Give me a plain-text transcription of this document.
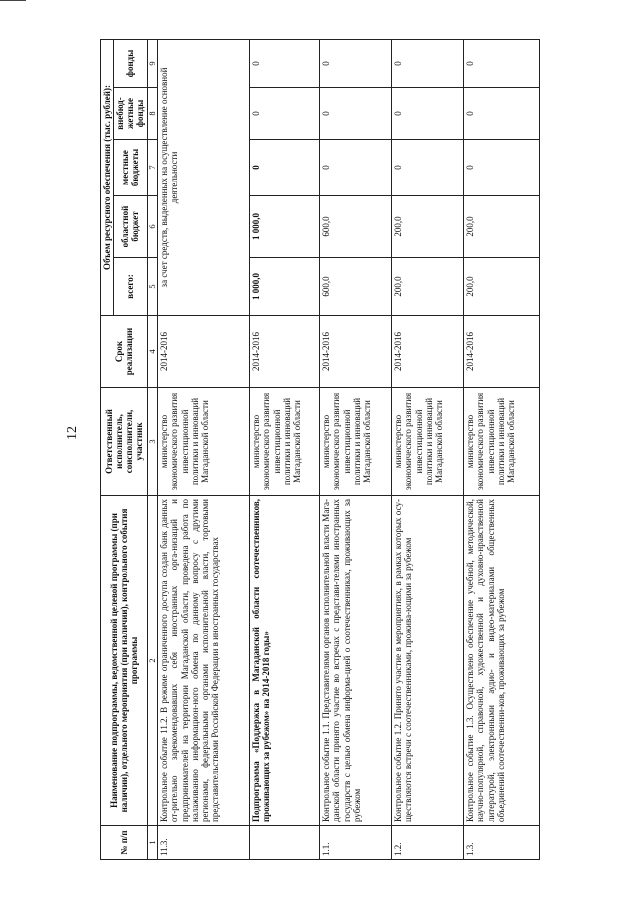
12
№ п/п	Наименование подпрограммы, ведомственной целевой программы (при наличии), отдельного мероприятия (при наличии), контрольного события программы	Ответственный исполнитель, соисполнители, участник	Срок реализации	Объем ресурсного обеспечения (тыс. рублей):				
				всего:	областной бюджет	местные бюджеты	внебюд-жетные фонды	фонды
1	2	3	4	5	6	7	8	9
11.3.	Контрольное событие 11.2. В режиме ограниченного доступа создан банк данных от-рительно зарекомендовавших себя иностранных орга-низаций и предпринимателей на территории Магаданской области, проведена работа по налаживанию информацион-ного обмена по данному вопросу с другими регионами, федеральными органами исполнительной власти, торговыми представительствами Российской Федерации в иностранных государствах	министерство экономического развития инвестиционной политики и инноваций Магаданской области	2014-2016	за счет средств, выделенных на осуществление основной деятельности				
	Подпрограмма «Поддержка в Магаданской области соотечественников, проживающих за рубежом» на 2014-2018 годы»	министерство экономического развития инвестиционной политики и инноваций Магаданской области	2014-2016	1 000,0	1 000,0	0	0	0
1.1.	Контрольное событие 1.1. Представителями органов исполнительной власти Мага-данской области принято участие во встречах с представи-телями иностранных государств с целью обмена информа-цией о соотечественниках, проживающих за рубежом	министерство экономического развития инвестиционной политики и инноваций Магаданской области	2014-2016	600,0	600,0	0	0	0
1.2.	Контрольное событие 1.2. Принято участие в мероприятиях, в рамках которых осу-ществляются встречи с соотечественниками, прожива-ющими за рубежом	министерство экономического развития инвестиционной политики и инноваций Магаданской области	2014-2016	200,0	200,0	0	0	0
1.3.	Контрольное событие 1.3. Осуществлено обеспечение учебной, методической, научно-популярной, справочной, художественной и духовно-нравственной литературой, электронными аудио- и видео-материалами общественных объединений соотечественни-ков, проживающих за рубежом	министерство экономического развития инвестиционной политики и инноваций Магаданской области	2014-2016	200,0	200,0	0	0	0
